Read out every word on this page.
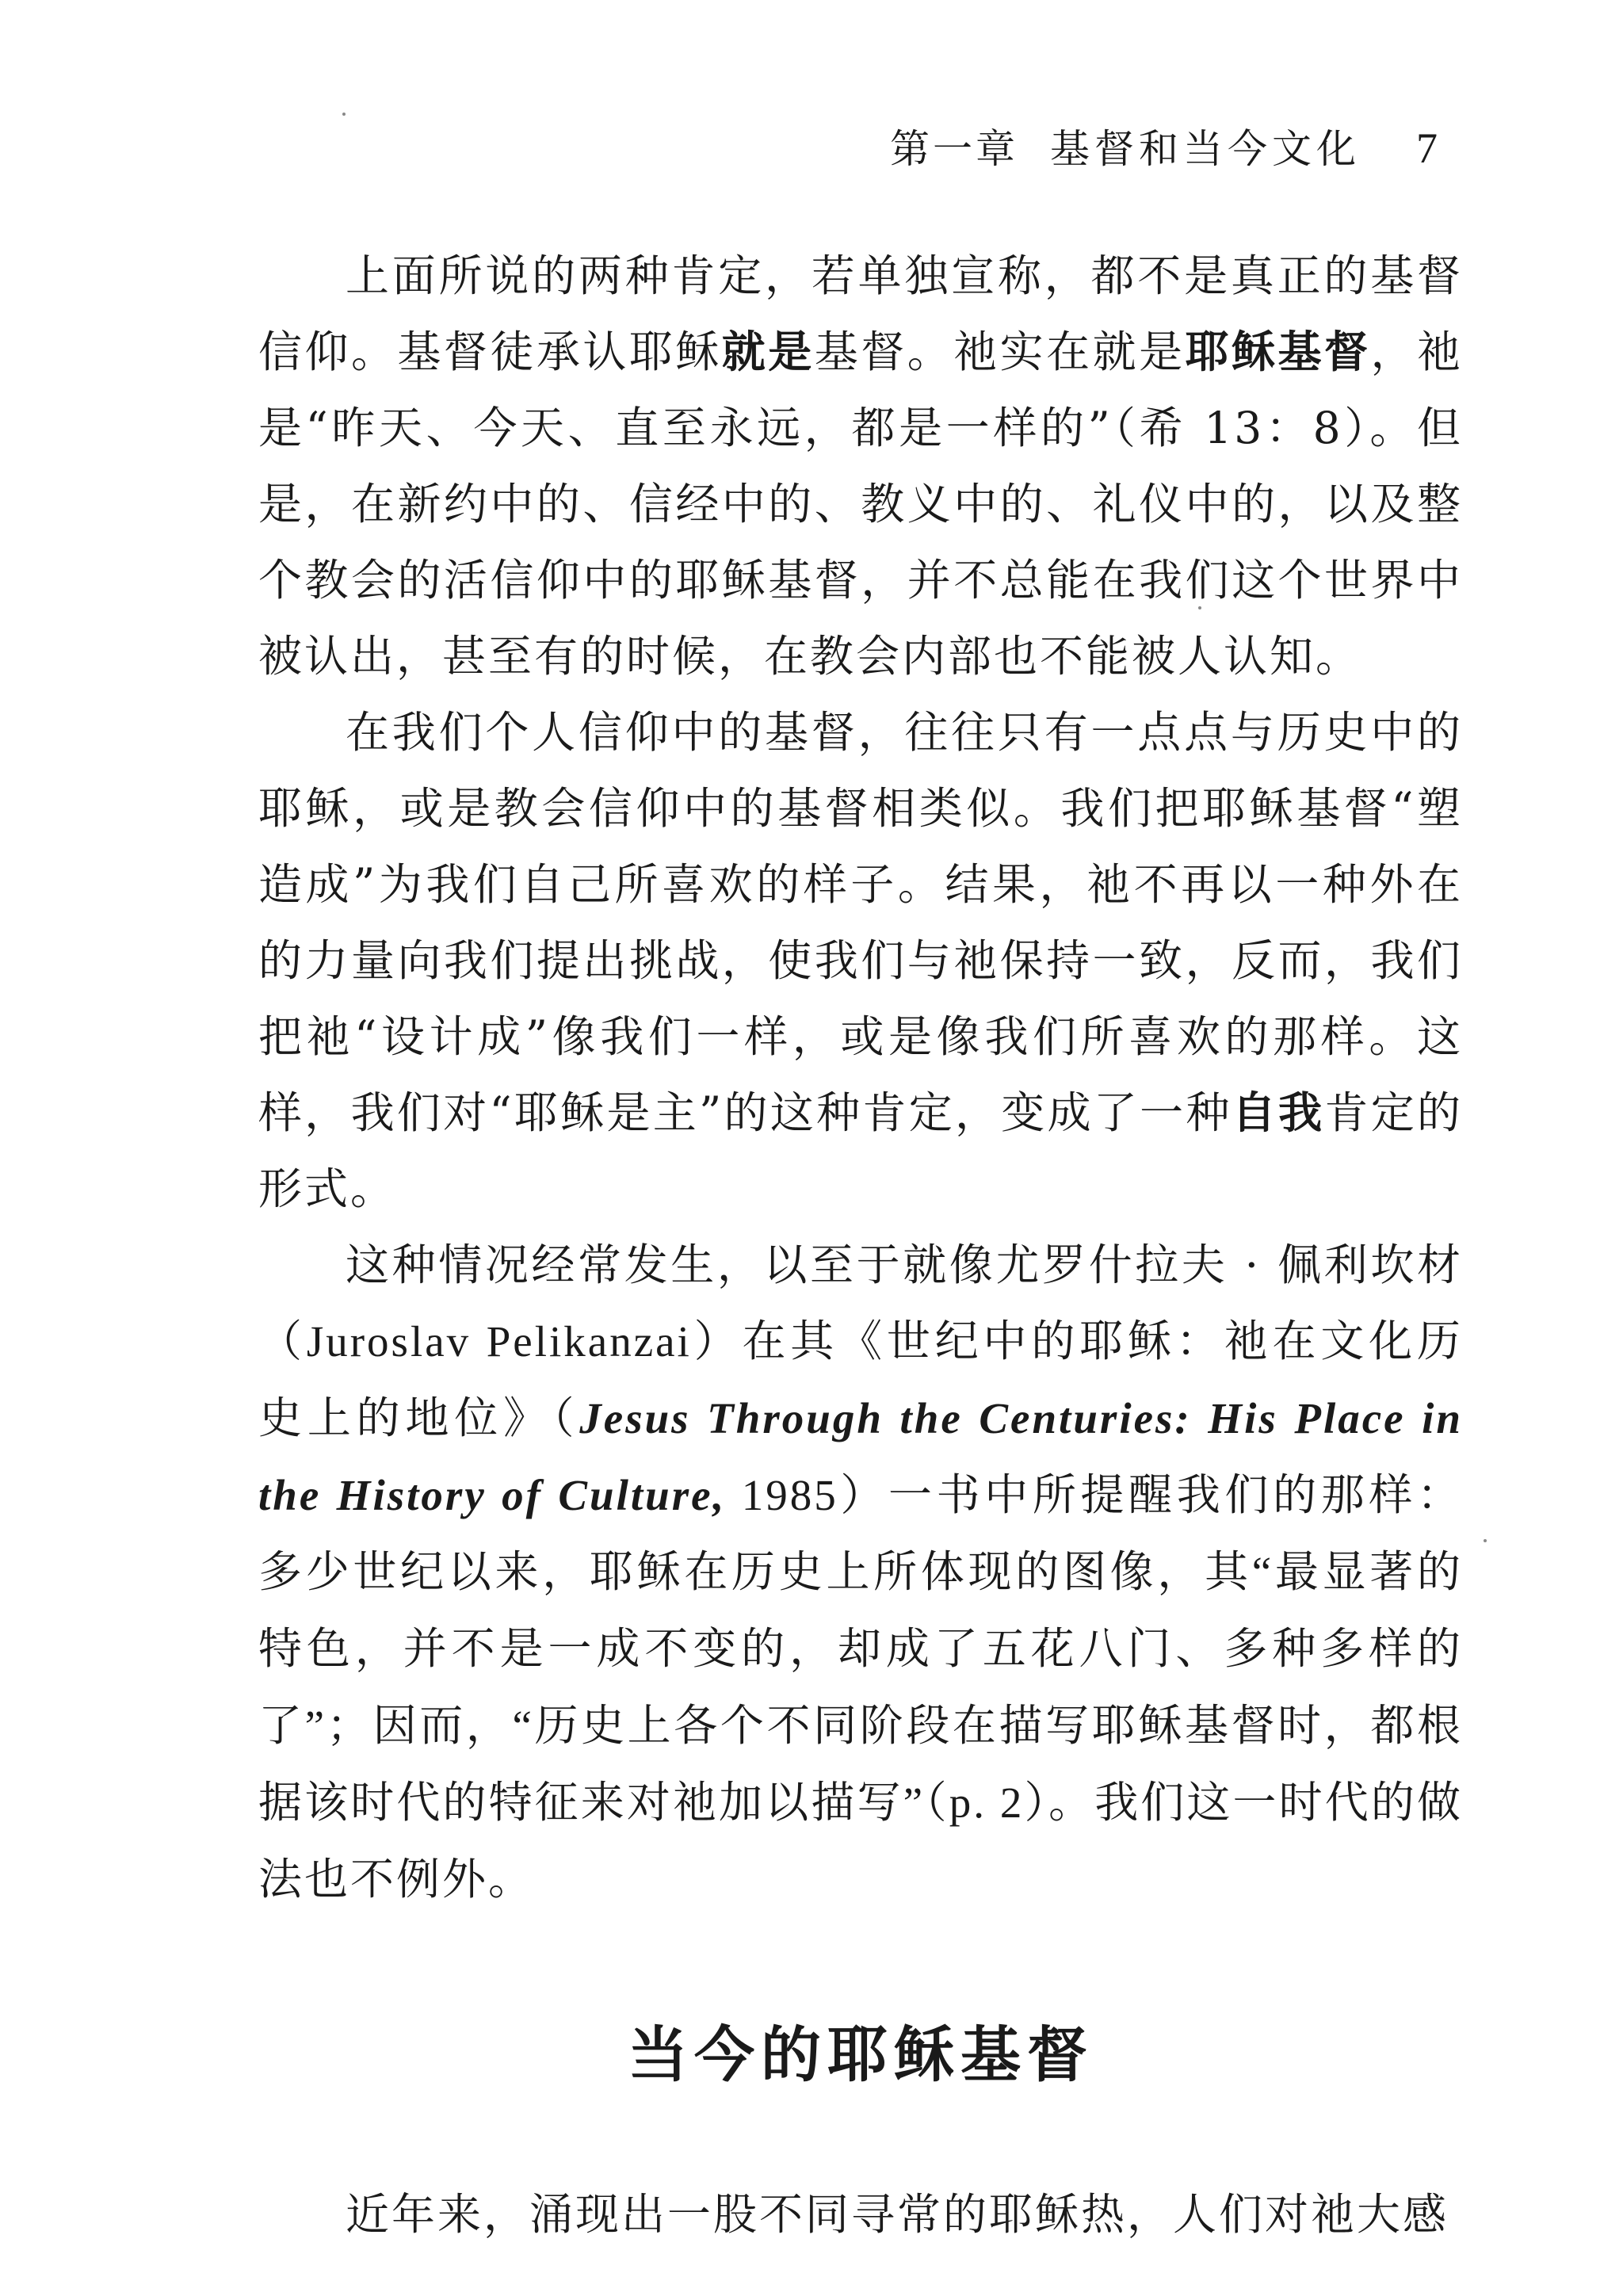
第一章 基督和当今文化 7

上面所说的两种肯定，若单独宣称，都不是真正的基督信仰。基督徒承认耶稣就是基督。祂实在就是耶稣基督，祂是“昨天、今天、直至永远，都是一样的”（希 13：8）。但是，在新约中的、信经中的、教义中的、礼仪中的，以及整个教会的活信仰中的耶稣基督，并不总能在我们这个世界中被认出，甚至有的时候，在教会内部也不能被人认知。

在我们个人信仰中的基督，往往只有一点点与历史中的耶稣，或是教会信仰中的基督相类似。我们把耶稣基督“塑造成”为我们自己所喜欢的样子。结果，祂不再以一种外在的力量向我们提出挑战，使我们与祂保持一致，反而，我们把祂“设计成”像我们一样，或是像我们所喜欢的那样。这样，我们对“耶稣是主”的这种肯定，变成了一种自我肯定的形式。

这种情况经常发生，以至于就像尤罗什拉夫 · 佩利坎材（Juroslav Pelikanzai）在其《世纪中的耶稣：祂在文化历史上的地位》（Jesus Through the Centuries: His Place in the History of Culture, 1985）一书中所提醒我们的那样：多少世纪以来，耶稣在历史上所体现的图像，其“最显著的特色，并不是一成不变的，却成了五花八门、多种多样的了”；因而，“历史上各个不同阶段在描写耶稣基督时，都根据该时代的特征来对祂加以描写”（p. 2）。我们这一时代的做法也不例外。

当今的耶稣基督

近年来，涌现出一股不同寻常的耶稣热，人们对祂大感
